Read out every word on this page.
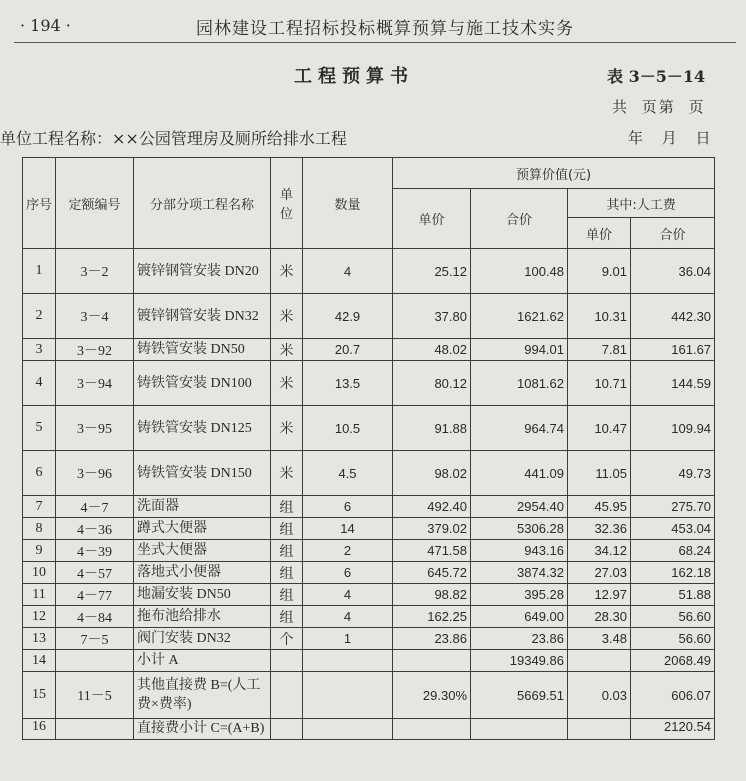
· 194 ·	园林建设工程招标投标概算预算与施工技术实务
工程预算书	表 3－5－14
共 页第 页
单位工程名称：××公园管理房及厕所给排水工程	年 月 日
序号	定额编号	分部分项工程名称	单位	数量	预算价值(元)			
					单价	合价	其中:人工费	
							单价	合价
1	3－2	镀锌钢管安装 DN20	米	4	25.12	100.48	9.01	36.04
2	3－4	镀锌钢管安装 DN32	米	42.9	37.80	1621.62	10.31	442.30
3	3－92	铸铁管安装 DN50	米	20.7	48.02	994.01	7.81	161.67
4	3－94	铸铁管安装 DN100	米	13.5	80.12	1081.62	10.71	144.59
5	3－95	铸铁管安装 DN125	米	10.5	91.88	964.74	10.47	109.94
6	3－96	铸铁管安装 DN150	米	4.5	98.02	441.09	11.05	49.73
7	4－7	洗面器	组	6	492.40	2954.40	45.95	275.70
8	4－36	蹲式大便器	组	14	379.02	5306.28	32.36	453.04
9	4－39	坐式大便器	组	2	471.58	943.16	34.12	68.24
10	4－57	落地式小便器	组	6	645.72	3874.32	27.03	162.18
11	4－77	地漏安装 DN50	组	4	98.82	395.28	12.97	51.88
12	4－84	拖布池给排水	组	4	162.25	649.00	28.30	56.60
13	7－5	阀门安装 DN32	个	1	23.86	23.86	3.48	56.60
14		小计 A				19349.86		2068.49
15	11－5	其他直接费 B=(人工费×费率)			29.30%	5669.51	0.03	606.07
16		直接费小计 C=(A+B)						2120.54
